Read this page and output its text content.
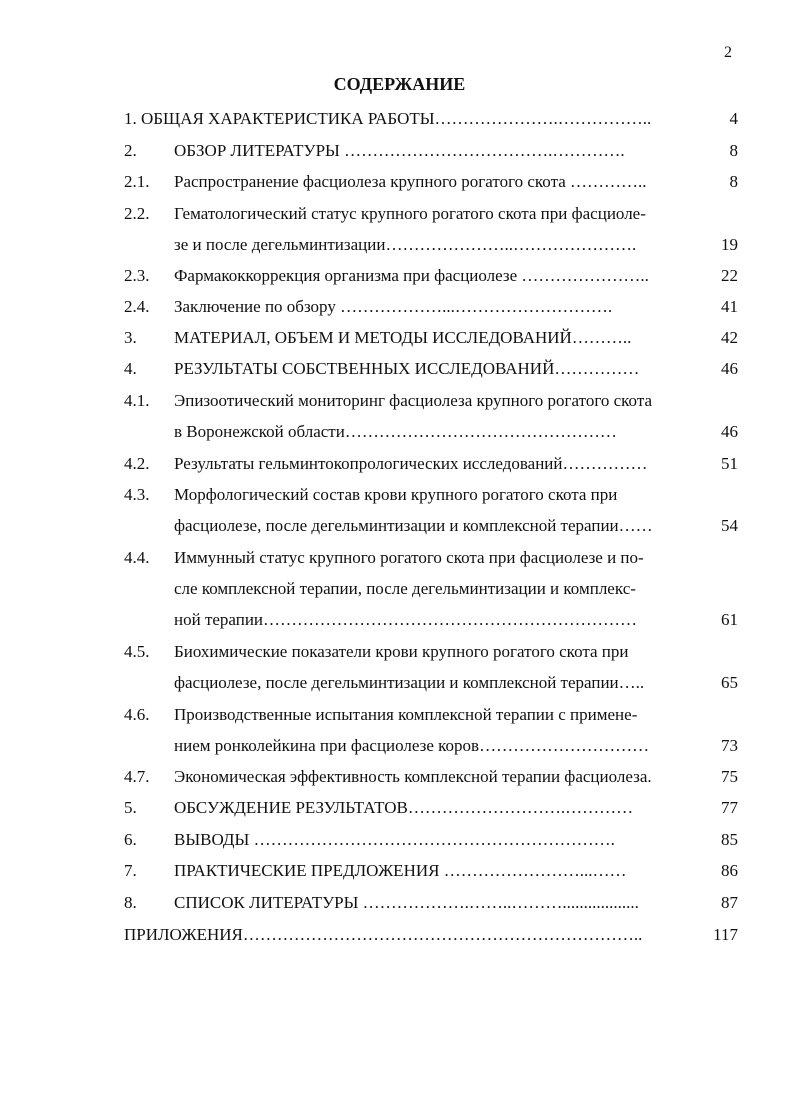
2
СОДЕРЖАНИЕ
1. ОБЩАЯ ХАРАКТЕРИСТИКА РАБОТЫ………………….……………..	4
2. ОБЗОР ЛИТЕРАТУРЫ ……………………………….………….	8
2.1. Распространение фасциолеза крупного рогатого скота …………..	8
2.2. Гематологический статус крупного рогатого скота при фасциоле-
зе и после дегельминтизации…………………..………………….	19
2.3. Фармакоккоррекция организма при фасциолезе …………………..	22
2.4. Заключение по обзору ………………...……………………….	41
3. МАТЕРИАЛ, ОБЪЕМ И МЕТОДЫ ИССЛЕДОВАНИЙ………..	42
4. РЕЗУЛЬТАТЫ СОБСТВЕННЫХ ИССЛЕДОВАНИЙ……………	46
4.1. Эпизоотический мониторинг фасциолеза крупного рогатого скота
в Воронежской области…………………………………………	46
4.2. Результаты гельминтокопрологических исследований……………	51
4.3. Морфологический состав крови крупного рогатого скота при
фасциолезе, после дегельминтизации и комплексной терапии……	54
4.4. Иммунный статус крупного рогатого скота при фасциолезе и по-
сле комплексной терапии, после дегельминтизации и комплекс-
ной терапии…………………………………………………………	61
4.5. Биохимические показатели крови крупного рогатого скота при
фасциолезе, после дегельминтизации и комплексной терапии…..	65
4.6. Производственные испытания комплексной терапии с примене-
нием ронколейкина при фасциолезе коров…………………………	73
4.7. Экономическая эффективность комплексной терапии фасциолеза.	75
5. ОБСУЖДЕНИЕ РЕЗУЛЬТАТОВ……………………….…………	77
6. ВЫВОДЫ ……………………………………………………….	85
7. ПРАКТИЧЕСКИЕ ПРЕДЛОЖЕНИЯ ……………………...……	86
8. СПИСОК ЛИТЕРАТУРЫ ……………….……..………..................	87
ПРИЛОЖЕНИЯ……………………………………………………………..	117
